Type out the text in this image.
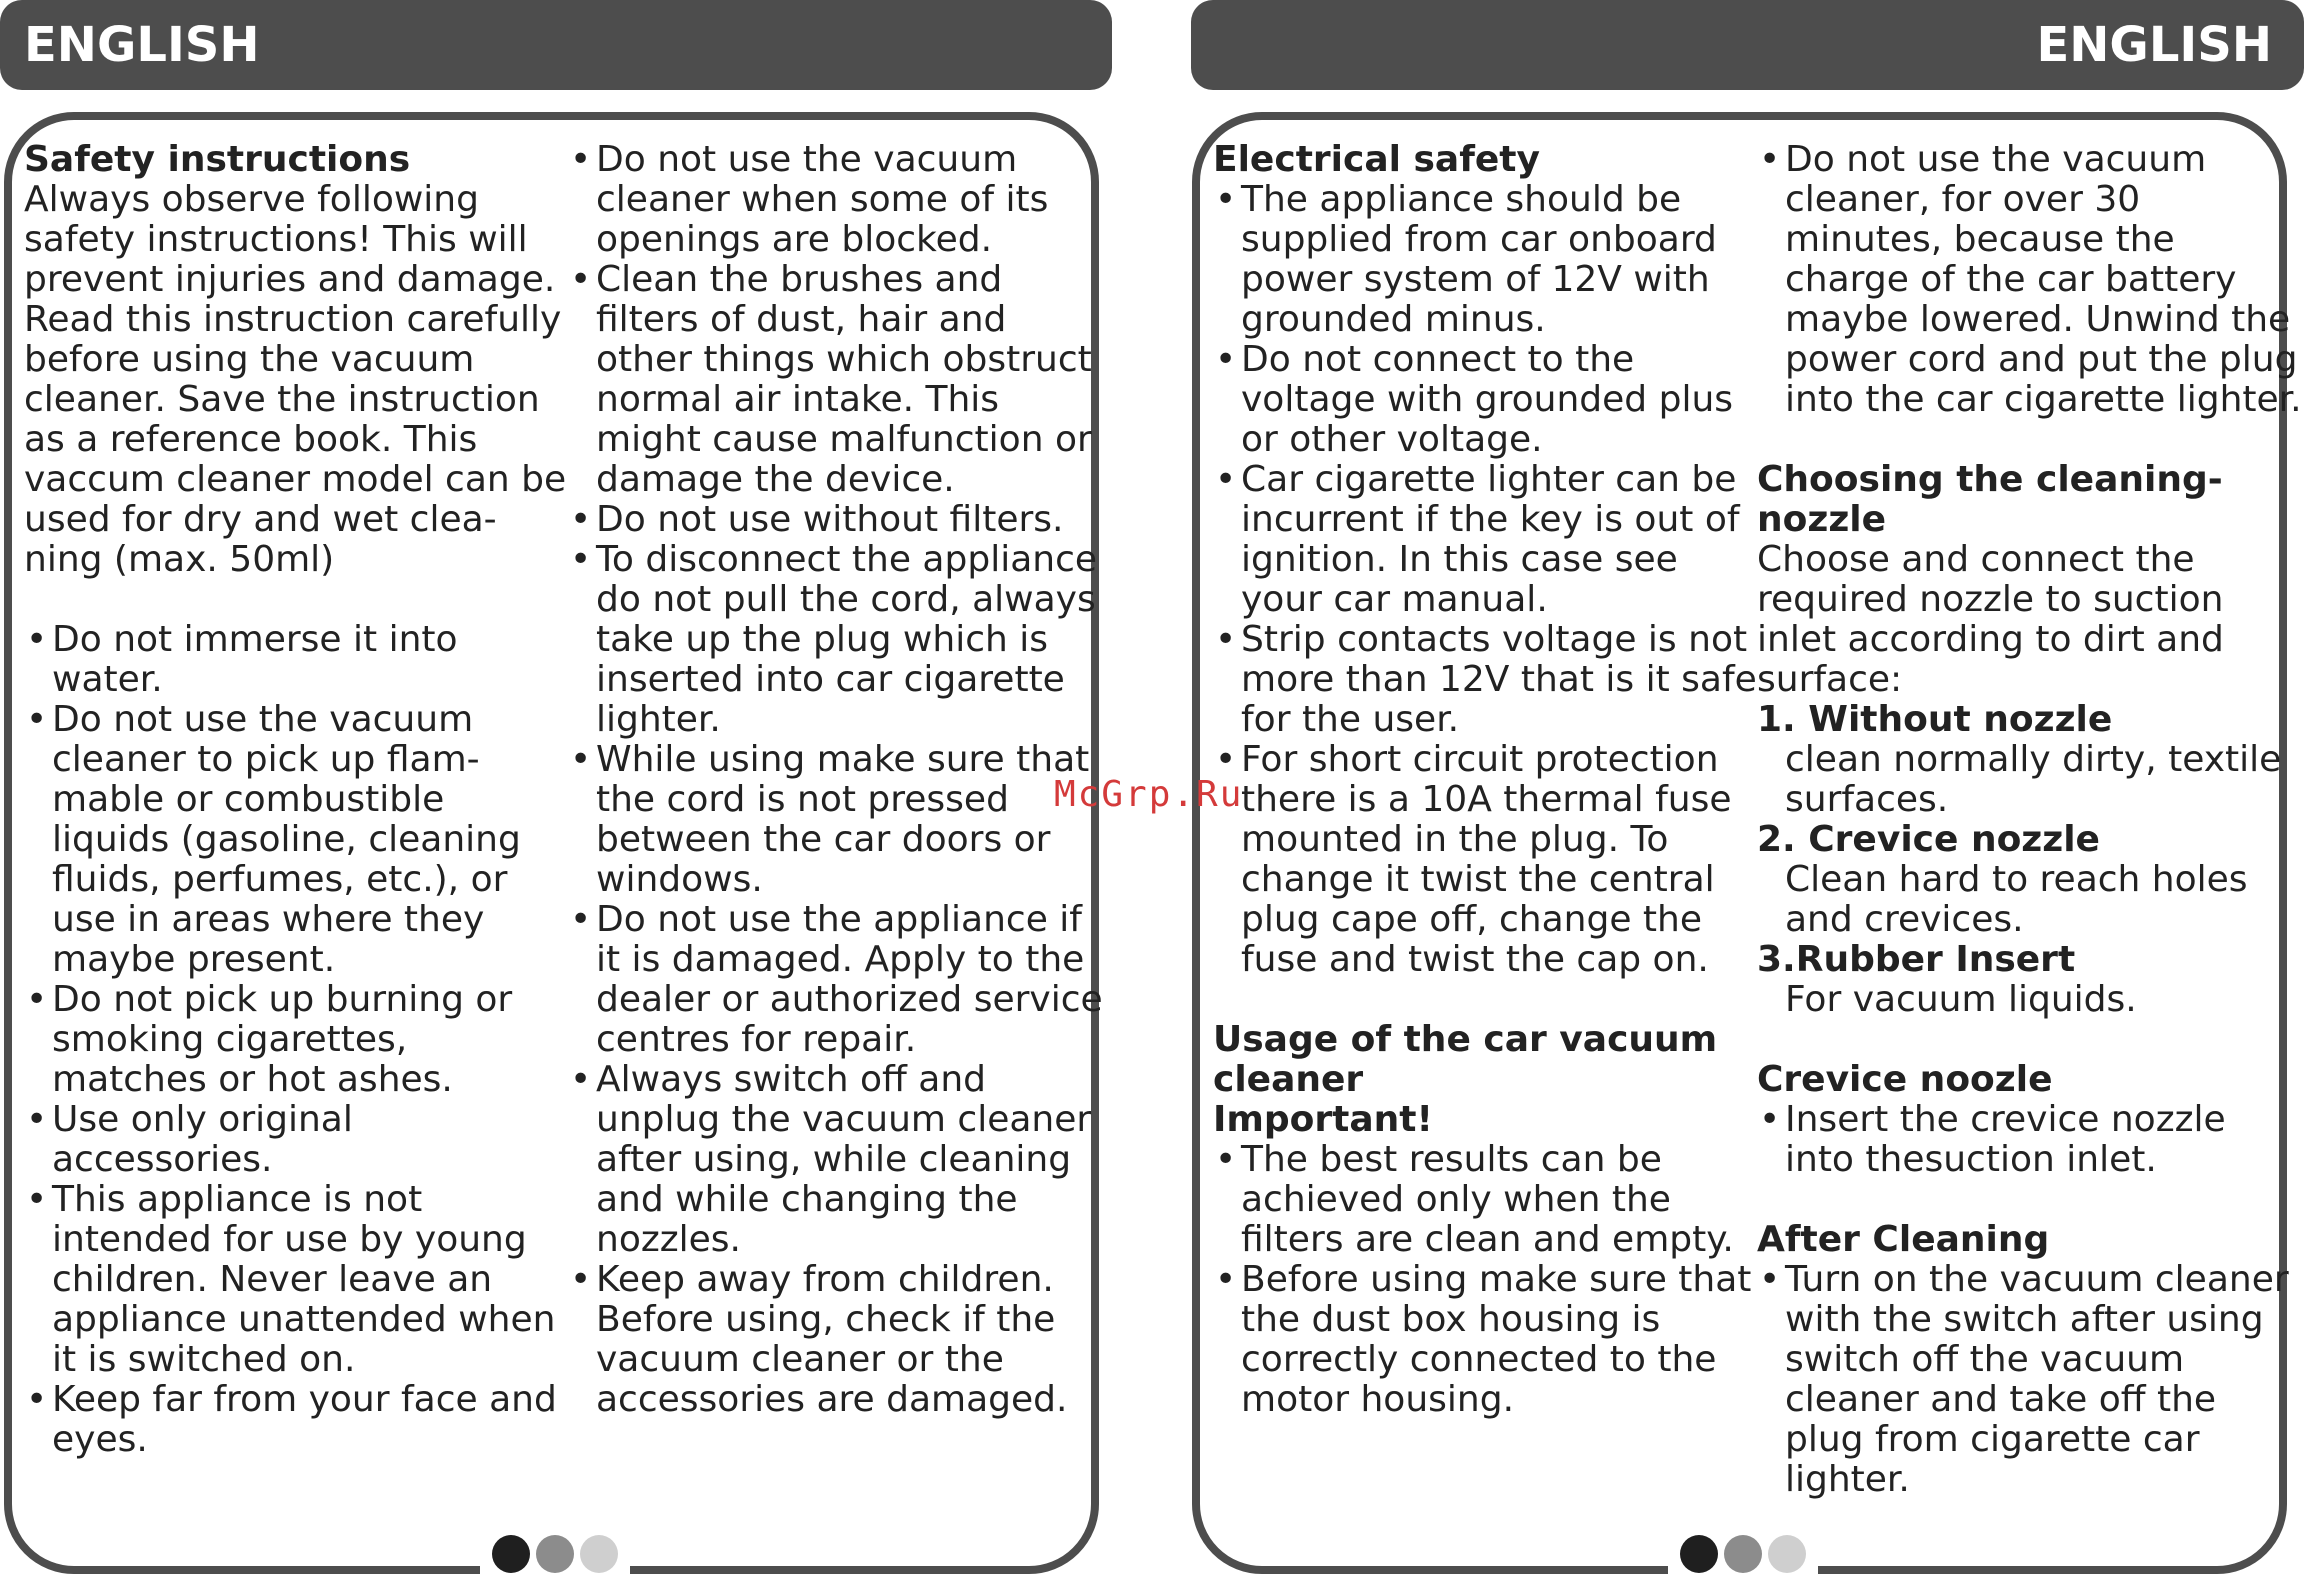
ENGLISH	ENGLISH
Safety instructions
Always observe following safety instructions! This will prevent injuries and damage. Read this instruction carefully before using the vacuum cleaner. Save the instruction as a reference book. This vaccum cleaner model can be used for dry and wet clea-ning (max. 50ml)
• Do not immerse it into water.
• Do not use the vacuum cleaner to pick up flam-mable or combustible liquids (gasoline, cleaning fluids, perfumes, etc.), or use in areas where they maybe present.
• Do not pick up burning or smoking cigarettes, matches or hot ashes.
• Use only original accessories.
• This appliance is not intended for use by young children. Never leave an appliance unattended when it is switched on.
• Keep far from your face and eyes.
• Do not use the vacuum cleaner when some of its openings are blocked.
• Clean the brushes and filters of dust, hair and other things which obstruct normal air intake. This might cause malfunction or damage the device.
• Do not use without filters.
• To disconnect the appliance do not pull the cord, always take up the plug which is inserted into car cigarette lighter.
• While using make sure that the cord is not pressed between the car doors or windows.
• Do not use the appliance if it is damaged. Apply to the dealer or authorized service centres for repair.
• Always switch off and unplug the vacuum cleaner after using, while cleaning and while changing the nozzles.
• Keep away from children. Before using, check if the vacuum cleaner or the accessories are damaged.
Electrical safety
• The appliance should be supplied from car onboard power system of 12V with grounded minus.
• Do not connect to the voltage with grounded plus or other voltage.
• Car cigarette lighter can be incurrent if the key is out of ignition. In this case see your car manual.
• Strip contacts voltage is not more than 12V that is it safe for the user.
• For short circuit protection there is a 10A thermal fuse mounted in the plug. To change it twist the central plug cape off, change the fuse and twist the cap on.
Usage of the car vacuum cleaner
Important!
• The best results can be achieved only when the filters are clean and empty.
• Before using make sure that the dust box housing is correctly connected to the motor housing.
• Do not use the vacuum cleaner, for over 30 minutes, because the charge of the car battery maybe lowered. Unwind the power cord and put the plug into the car cigarette lighter.
Choosing the cleaning-nozzle
Choose and connect the required nozzle to suction inlet according to dirt and surface:
1. Without nozzle
clean normally dirty, textile surfaces.
2. Crevice nozzle
Clean hard to reach holes and crevices.
3.Rubber Insert
For vacuum liquids.
Crevice noozle
• Insert the crevice nozzle into thesuction inlet.
After Cleaning
• Turn on the vacuum cleaner with the switch after using switch off the vacuum cleaner and take off the plug from cigarette car lighter.
McGrp.Ru
